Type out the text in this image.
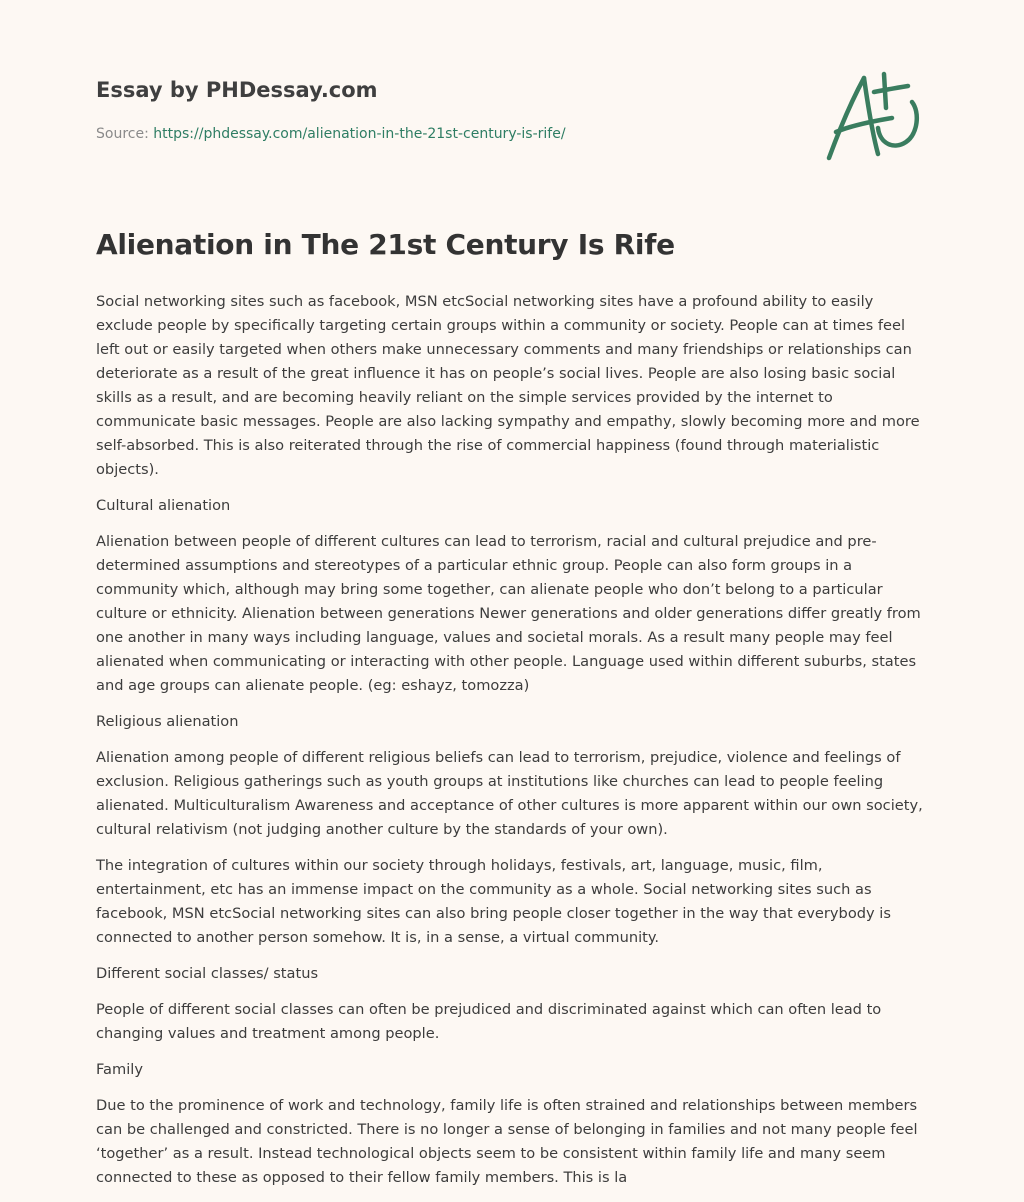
Essay by PHDessay.com

Source: https://phdessay.com/alienation-in-the-21st-century-is-rife/
Alienation in The 21st Century Is Rife

Social networking sites such as facebook, MSN etcSocial networking sites have a profound ability to easily exclude people by specifically targeting certain groups within a community or society. People can at times feel left out or easily targeted when others make unnecessary comments and many friendships or relationships can deteriorate as a result of the great influence it has on people’s social lives. People are also losing basic social skills as a result, and are becoming heavily reliant on the simple services provided by the internet to communicate basic messages. People are also lacking sympathy and empathy, slowly becoming more and more self-absorbed. This is also reiterated through the rise of commercial happiness (found through materialistic objects).

Cultural alienation

Alienation between people of different cultures can lead to terrorism, racial and cultural prejudice and pre-determined assumptions and stereotypes of a particular ethnic group. People can also form groups in a community which, although may bring some together, can alienate people who don’t belong to a particular culture or ethnicity. Alienation between generations Newer generations and older generations differ greatly from one another in many ways including language, values and societal morals. As a result many people may feel alienated when communicating or interacting with other people. Language used within different suburbs, states and age groups can alienate people. (eg: eshayz, tomozza)

Religious alienation

Alienation among people of different religious beliefs can lead to terrorism, prejudice, violence and feelings of exclusion. Religious gatherings such as youth groups at institutions like churches can lead to people feeling alienated. Multiculturalism Awareness and acceptance of other cultures is more apparent within our own society, cultural relativism (not judging another culture by the standards of your own).

The integration of cultures within our society through holidays, festivals, art, language, music, film, entertainment, etc has an immense impact on the community as a whole. Social networking sites such as facebook, MSN etcSocial networking sites can also bring people closer together in the way that everybody is connected to another person somehow. It is, in a sense, a virtual community.

Different social classes/ status

People of different social classes can often be prejudiced and discriminated against which can often lead to changing values and treatment among people.

Family

Due to the prominence of work and technology, family life is often strained and relationships between members can be challenged and constricted. There is no longer a sense of belonging in families and not many people feel ‘together’ as a result. Instead technological objects seem to be consistent within family life and many seem connected to these as opposed to their fellow family members. This is la
